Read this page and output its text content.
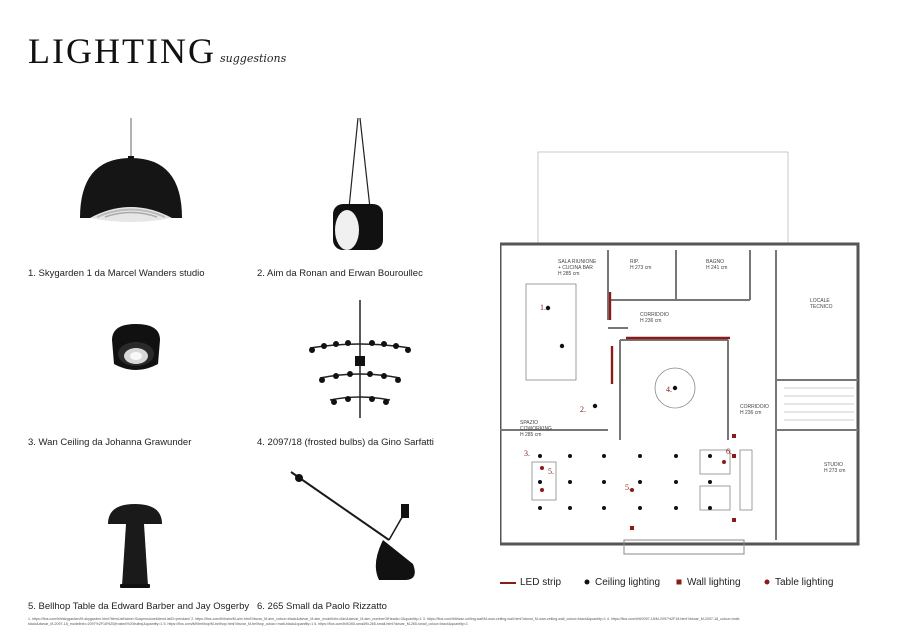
LIGHTING suggestions
1. Skygarden 1 da Marcel Wanders studio	2. Aim da Ronan and Erwan Bouroullec
3. Wan Ceiling da Johanna Grawunder	4. 2097/18 (frosted bulbs) da Gino Sarfatti
5. Bellhop Table da Edward Barber and Jay Osgerby 6. 265 Small da Paolo Rizzatto
1.
2.
3.
4.
5.
5.
6.
SALA RIUNIONE
+ CUCINA BAR
H 285 cm
RIP.
H 273 cm
BAGNO
H 241 cm
LOCALE
TECNICO
CORRIDOIO
H 236 cm
CORRIDOIO
H 236 cm
SPAZIO
COWORKING
H 285 cm
STUDIO
H 273 cm
LED strip	Ceiling lighting	Wall lighting	Table lighting
1. https://flos.com/it/it/skygarden/M-skygarden.html?itemListName=Sospensione&itemListID=pendant/ 2. https://flos.com/it/it/aim/M-aim.html?dwvar_M-aim_colour=black&dwvar_M-aim_modelInfo=Aim&dwvar_M-aim_numberOfHeads=3&quantity=1 3. https://flos.com/it/it/wan-ceiling-wall/M-wan-ceiling-wall.html?dwvar_M-wan-ceiling-wall_colour=black&quantity=1 4. https://flos.com/it/it/2097-18/M-2097%2F18.html?dwvar_M-2097-18_colour=matt-black&dwvar_M-2097-18_modelInfo=2097%2F18%20(frosted%20bulbs)&quantity=1 5. https://flos.com/it/it/bellhop/M-bellhop.html?dwvar_M-bellhop_colour=matt-black&quantity=1 6. https://flos.com/it/it/265-small/M-265-small.html?dwvar_M-265-small_colour=black&quantity=1
